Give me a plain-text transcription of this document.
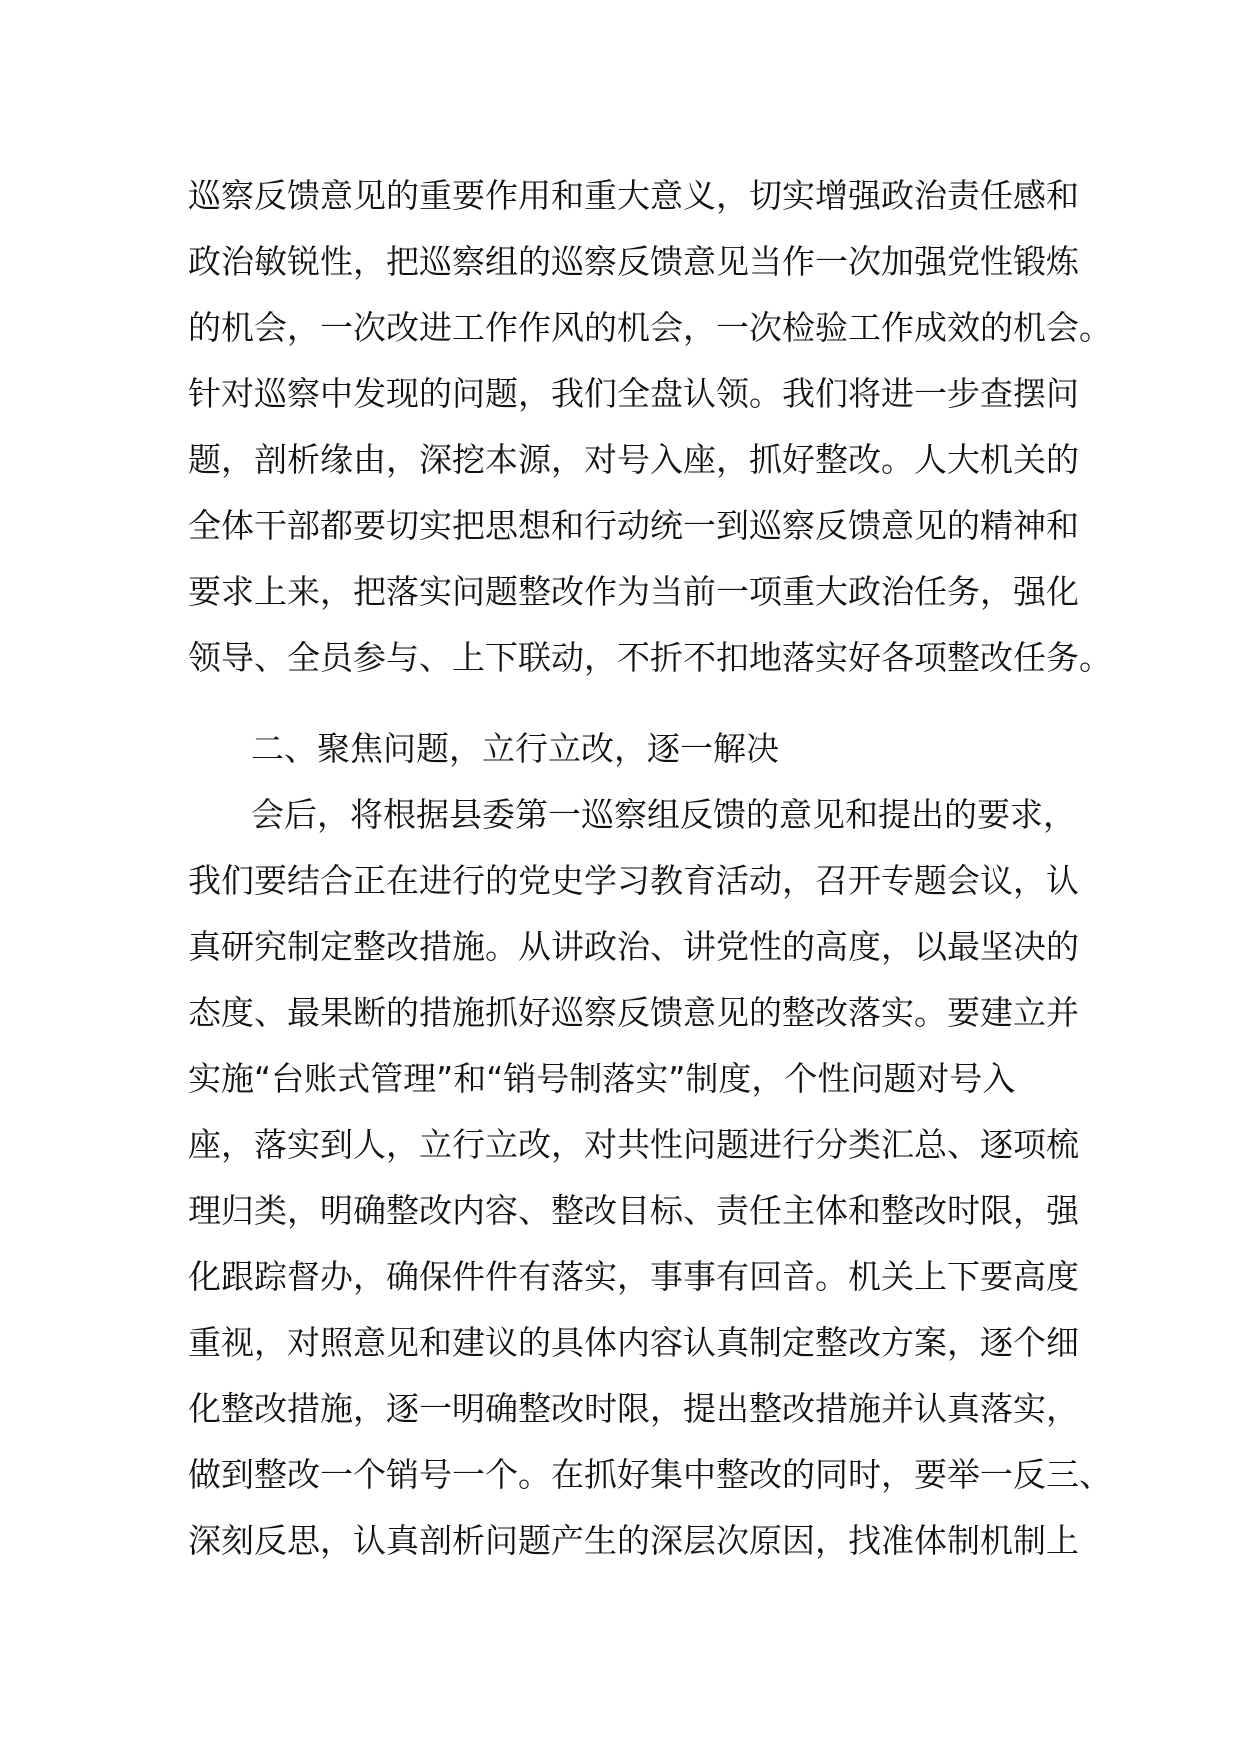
巡察反馈意见的重要作用和重大意义，切实增强政治责任感和
政治敏锐性，把巡察组的巡察反馈意见当作一次加强党性锻炼
的机会，一次改进工作作风的机会，一次检验工作成效的机会。
针对巡察中发现的问题，我们全盘认领。我们将进一步查摆问
题，剖析缘由，深挖本源，对号入座，抓好整改。人大机关的
全体干部都要切实把思想和行动统一到巡察反馈意见的精神和
要求上来，把落实问题整改作为当前一项重大政治任务，强化
领导、全员参与、上下联动，不折不扣地落实好各项整改任务。
二、聚焦问题，立行立改，逐一解决
会后，将根据县委第一巡察组反馈的意见和提出的要求，
我们要结合正在进行的党史学习教育活动，召开专题会议，认
真研究制定整改措施。从讲政治、讲党性的高度，以最坚决的
态度、最果断的措施抓好巡察反馈意见的整改落实。要建立并
实施“台账式管理”和“销号制落实”制度，个性问题对号入
座，落实到人，立行立改，对共性问题进行分类汇总、逐项梳
理归类，明确整改内容、整改目标、责任主体和整改时限，强
化跟踪督办，确保件件有落实，事事有回音。机关上下要高度
重视，对照意见和建议的具体内容认真制定整改方案，逐个细
化整改措施，逐一明确整改时限，提出整改措施并认真落实，
做到整改一个销号一个。在抓好集中整改的同时，要举一反三、
深刻反思，认真剖析问题产生的深层次原因，找准体制机制上
